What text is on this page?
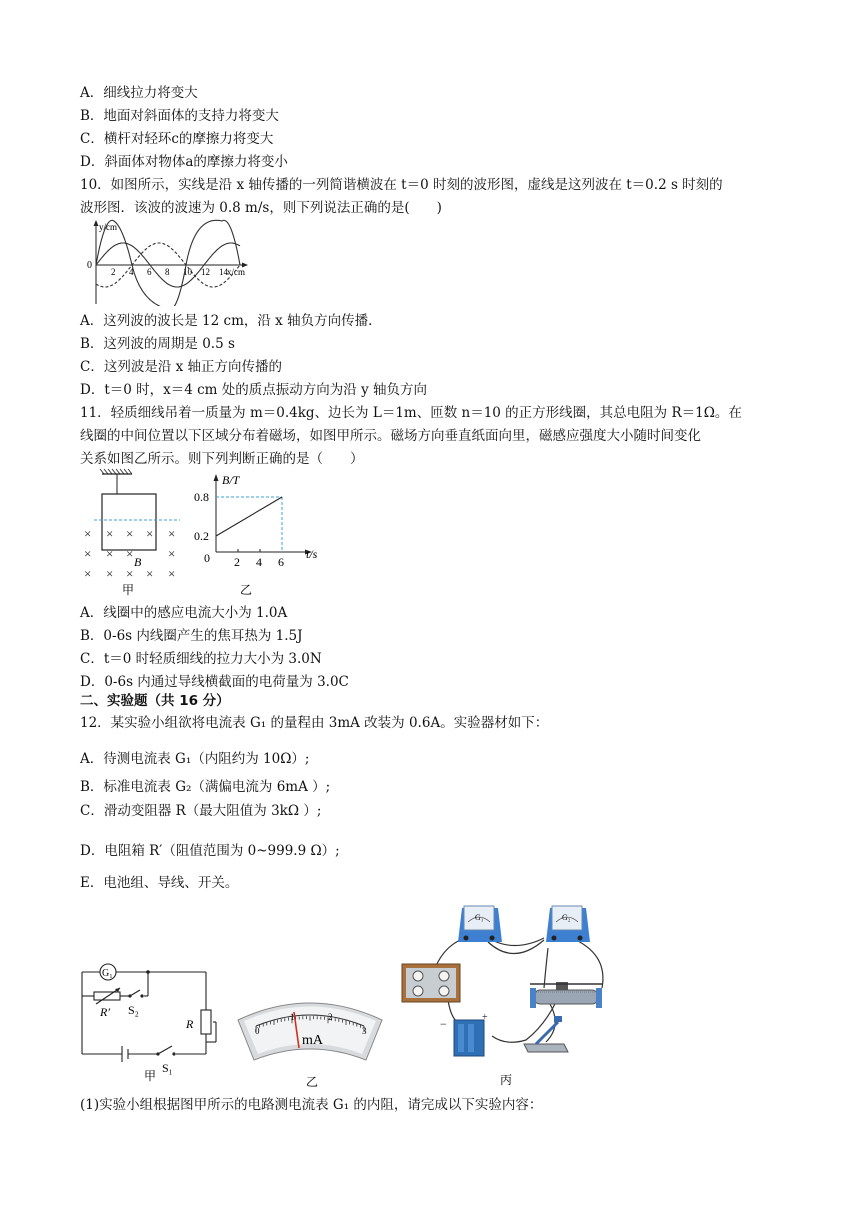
A．细线拉力将变大
B．地面对斜面体的支持力将变大
C．横杆对轻环c的摩擦力将变大
D．斜面体对物体a的摩擦力将变小
10．如图所示，实线是沿 x 轴传播的一列简谐横波在 t＝0 时刻的波形图，虚线是这列波在 t＝0.2 s 时刻的
波形图．该波的波速为 0.8 m/s，则下列说法正确的是(　　)
y/cm
x/cm
0
2 4 6 8 10 12 14
A．这列波的波长是 12 cm，沿 x 轴负方向传播．
B．这列波的周期是 0.5 s
C．这列波是沿 x 轴正方向传播的
D．t＝0 时，x＝4 cm 处的质点振动方向为沿 y 轴负方向
11．轻质细线吊着一质量为 m＝0.4kg、边长为 L＝1m、匝数 n＝10 的正方形线圈，其总电阻为 R＝1Ω。在
线圈的中间位置以下区域分布着磁场，如图甲所示。磁场方向垂直纸面向里，磁感应强度大小随时间变化
关系如图乙所示。则下列判断正确的是（　　）
× × × × ×
× × ×	×
× × × × ×
B
甲
B/T
t/s
0
0.8
0.2
2 4 6
乙
A．线圈中的感应电流大小为 1.0A
B．0-6s 内线圈产生的焦耳热为 1.5J
C．t＝0 时轻质细线的拉力大小为 3.0N
D．0-6s 内通过导线横截面的电荷量为 3.0C
二、实验题（共 16 分）
12．某实验小组欲将电流表 G₁ 的量程由 3mA 改装为 0.6A。实验器材如下：
A．待测电流表 G₁（内阻约为 10Ω）;
B．标准电流表 G₂（满偏电流为 6mA ）;
C．滑动变阻器 R（最大阻值为 3kΩ ）;
D．电阻箱 R′（阻值范围为 0~999.9 Ω）;
E．电池组、导线、开关。
G₁
R′ S₂
R
S₁
甲
0
1	2
3
mA
乙
G₁	G₂
−	+
丙
(1)实验小组根据图甲所示的电路测电流表 G₁ 的内阻，请完成以下实验内容：
